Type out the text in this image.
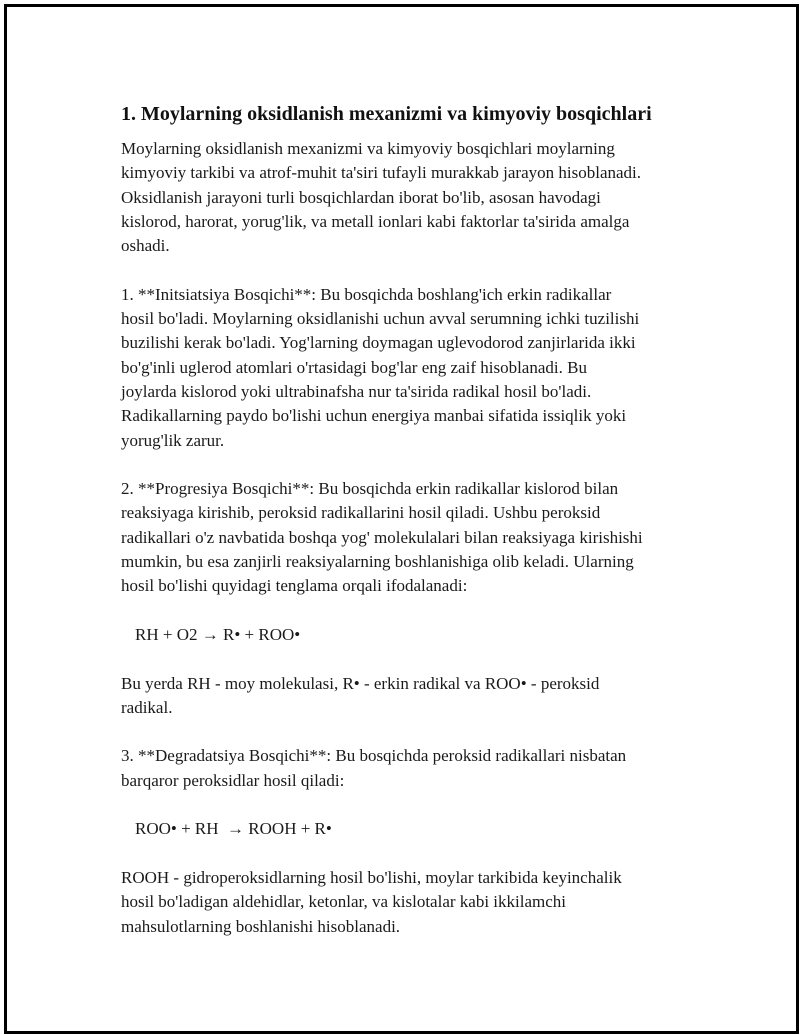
1. Moylarning oksidlanish mexanizmi va kimyoviy bosqichlari

Moylarning oksidlanish mexanizmi va kimyoviy bosqichlari moylarning
kimyoviy tarkibi va atrof-muhit ta'siri tufayli murakkab jarayon hisoblanadi.
Oksidlanish jarayoni turli bosqichlardan iborat bo'lib, asosan havodagi
kislorod, harorat, yorug'lik, va metall ionlari kabi faktorlar ta'sirida amalga
oshadi.

1. **Initsiatsiya Bosqichi**: Bu bosqichda boshlang'ich erkin radikallar
hosil bo'ladi. Moylarning oksidlanishi uchun avval serumning ichki tuzilishi
buzilishi kerak bo'ladi. Yog'larning doymagan uglevodorod zanjirlarida ikki
bo'g'inli uglerod atomlari o'rtasidagi bog'lar eng zaif hisoblanadi. Bu
joylarda kislorod yoki ultrabinafsha nur ta'sirida radikal hosil bo'ladi.
Radikallarning paydo bo'lishi uchun energiya manbai sifatida issiqlik yoki
yorug'lik zarur.

2. **Progresiya Bosqichi**: Bu bosqichda erkin radikallar kislorod bilan
reaksiyaga kirishib, peroksid radikallarini hosil qiladi. Ushbu peroksid
radikallari o'z navbatida boshqa yog' molekulalari bilan reaksiyaga kirishishi
mumkin, bu esa zanjirli reaksiyalarning boshlanishiga olib keladi. Ularning
hosil bo'lishi quyidagi tenglama orqali ifodalanadi:

RH + O2 → R• + ROO•

Bu yerda RH - moy molekulasi, R• - erkin radikal va ROO• - peroksid
radikal.

3. **Degradatsiya Bosqichi**: Bu bosqichda peroksid radikallari nisbatan
barqaror peroksidlar hosil qiladi:

ROO• + RH  → ROOH + R•

ROOH - gidroperoksidlarning hosil bo'lishi, moylar tarkibida keyinchalik
hosil bo'ladigan aldehidlar, ketonlar, va kislotalar kabi ikkilamchi
mahsulotlarning boshlanishi hisoblanadi.
